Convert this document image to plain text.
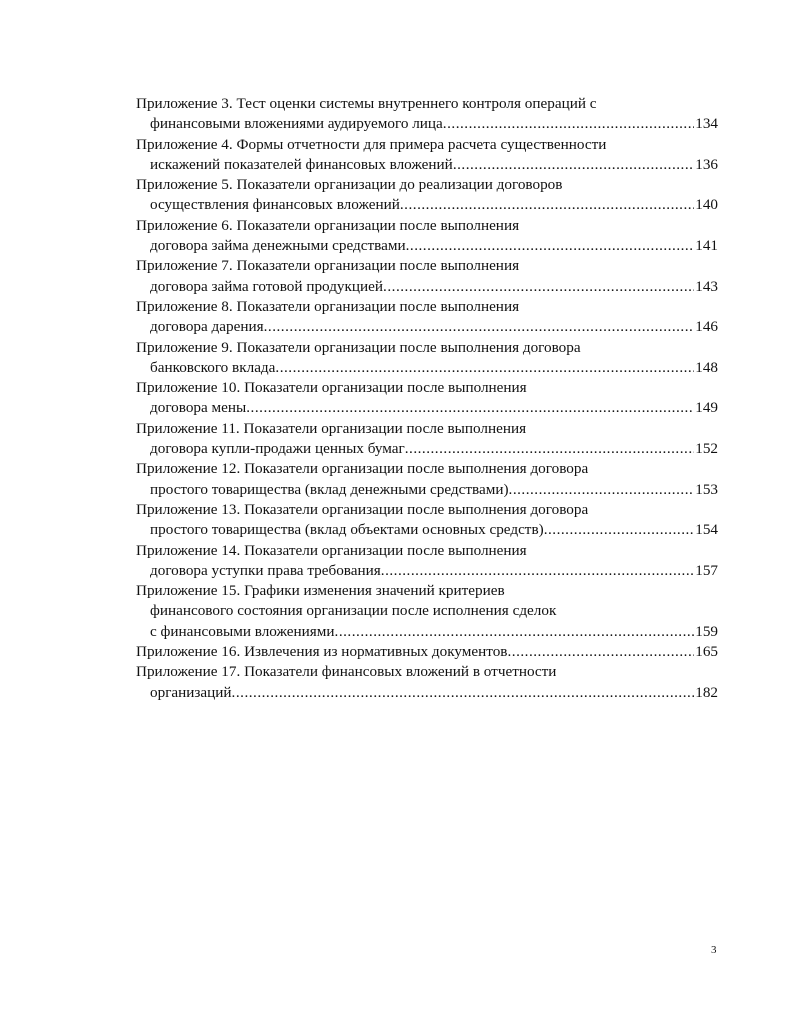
Приложение 3. Тест оценки системы внутреннего контроля операций с
финансовыми вложениями аудируемого лица .....	134
Приложение 4. Формы отчетности для примера расчета существенности
искажений показателей финансовых вложений .....	136
Приложение 5. Показатели организации до реализации договоров
осуществления финансовых вложений .....	140
Приложение 6. Показатели организации после выполнения
договора займа денежными средствами .....	141
Приложение 7. Показатели организации после выполнения
договора займа готовой продукцией .....	143
Приложение 8. Показатели организации после выполнения
договора дарения .....	146
Приложение 9. Показатели организации после выполнения договора
банковского вклада .....	148
Приложение 10. Показатели организации после выполнения
договора мены .....	149
Приложение 11. Показатели организации после выполнения
договора купли-продажи ценных бумаг .....	152
Приложение 12. Показатели организации после выполнения договора
простого товарищества (вклад денежными средствами) .....	153
Приложение 13. Показатели организации после выполнения договора
простого товарищества (вклад объектами основных средств) .....	154
Приложение 14. Показатели организации после выполнения
договора уступки права требования .....	157
Приложение 15. Графики изменения значений критериев
финансового состояния организации после исполнения сделок
с финансовыми вложениями .....	159
Приложение 16. Извлечения из нормативных документов .....	165
Приложение 17. Показатели финансовых вложений в отчетности
организаций .....	182
3
